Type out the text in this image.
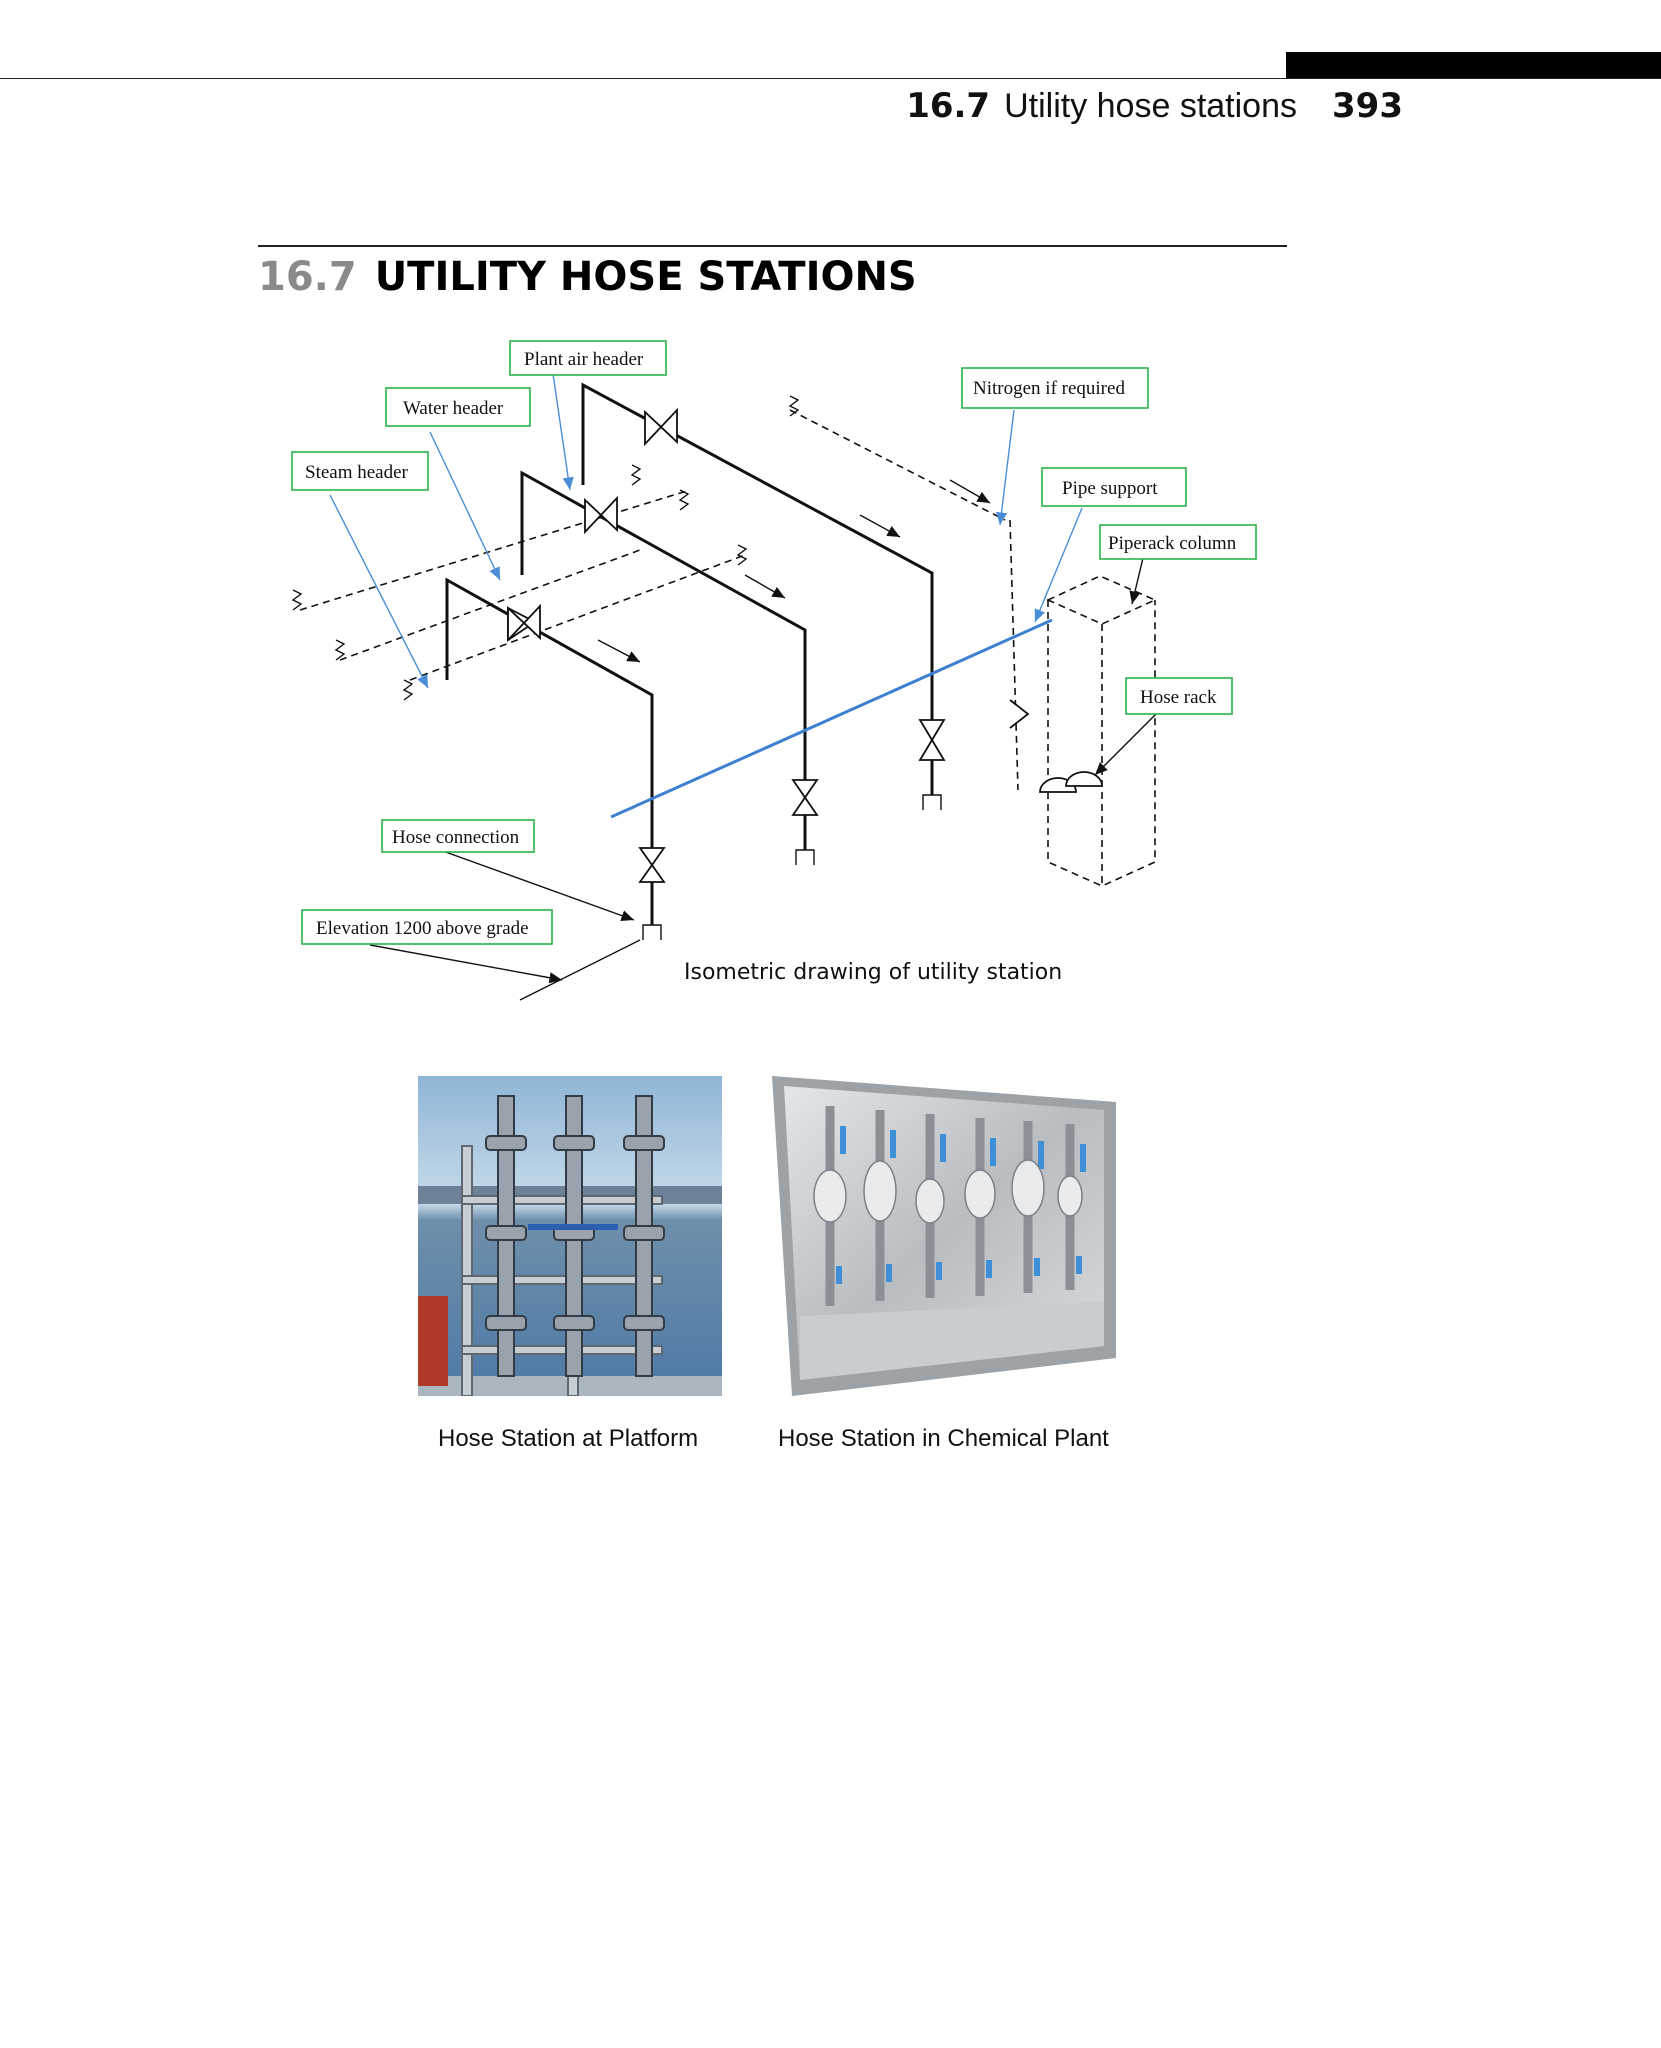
16.7 Utility hose stations 393
16.7 UTILITY HOSE STATIONS
Plant air header
Water header
Steam header
Nitrogen if required
Pipe support
Piperack column
Hose rack
Hose connection
Elevation 1200 above grade
Isometric drawing of utility station
Hose Station at Platform	Hose Station in Chemical Plant
